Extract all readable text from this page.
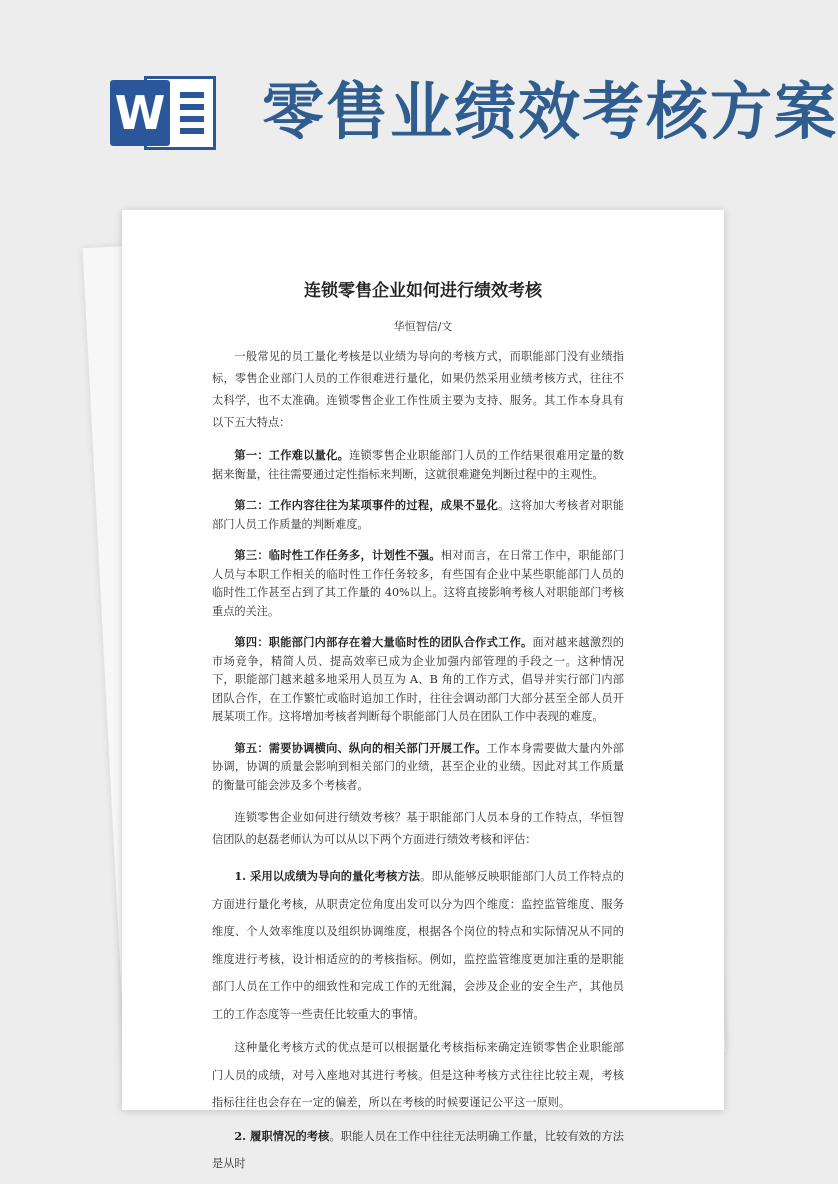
W 零售业绩效考核方案
连锁零售企业如何进行绩效考核
华恒智信/文

一般常见的员工量化考核是以业绩为导向的考核方式，而职能部门没有业绩指标，零售企业部门人员的工作很难进行量化，如果仍然采用业绩考核方式，往往不太科学，也不太准确。连锁零售企业工作性质主要为支持、服务。其工作本身具有以下五大特点：

第一：工作难以量化。连锁零售企业职能部门人员的工作结果很难用定量的数据来衡量，往往需要通过定性指标来判断，这就很难避免判断过程中的主观性。

第二：工作内容往往为某项事件的过程，成果不显化。这将加大考核者对职能部门人员工作质量的判断难度。

第三：临时性工作任务多，计划性不强。相对而言，在日常工作中，职能部门人员与本职工作相关的临时性工作任务较多，有些国有企业中某些职能部门人员的临时性工作甚至占到了其工作量的 40%以上。这将直接影响考核人对职能部门考核重点的关注。

第四：职能部门内部存在着大量临时性的团队合作式工作。面对越来越激烈的市场竞争，精简人员、提高效率已成为企业加强内部管理的手段之一。这种情况下，职能部门越来越多地采用人员互为 A、B 角的工作方式，倡导并实行部门内部团队合作，在工作繁忙或临时追加工作时，往往会调动部门大部分甚至全部人员开展某项工作。这将增加考核者判断每个职能部门人员在团队工作中表现的难度。

第五：需要协调横向、纵向的相关部门开展工作。工作本身需要做大量内外部协调，协调的质量会影响到相关部门的业绩，甚至企业的业绩。因此对其工作质量的衡量可能会涉及多个考核者。

连锁零售企业如何进行绩效考核？基于职能部门人员本身的工作特点，华恒智信团队的赵磊老师认为可以从以下两个方面进行绩效考核和评估：

1. 采用以成绩为导向的量化考核方法。即从能够反映职能部门人员工作特点的方面进行量化考核，从职责定位角度出发可以分为四个维度：监控监管维度、服务维度、个人效率维度以及组织协调维度，根据各个岗位的特点和实际情况从不同的维度进行考核，设计相适应的的考核指标。例如，监控监管维度更加注重的是职能部门人员在工作中的细致性和完成工作的无纰漏，会涉及企业的安全生产，其他员工的工作态度等一些责任比较重大的事情。

这种量化考核方式的优点是可以根据量化考核指标来确定连锁零售企业职能部门人员的成绩，对号入座地对其进行考核。但是这种考核方式往往比较主观，考核指标往往也会存在一定的偏差，所以在考核的时候要谨记公平这一原则。

2. 履职情况的考核。职能人员在工作中往往无法明确工作量，比较有效的方法是从时
